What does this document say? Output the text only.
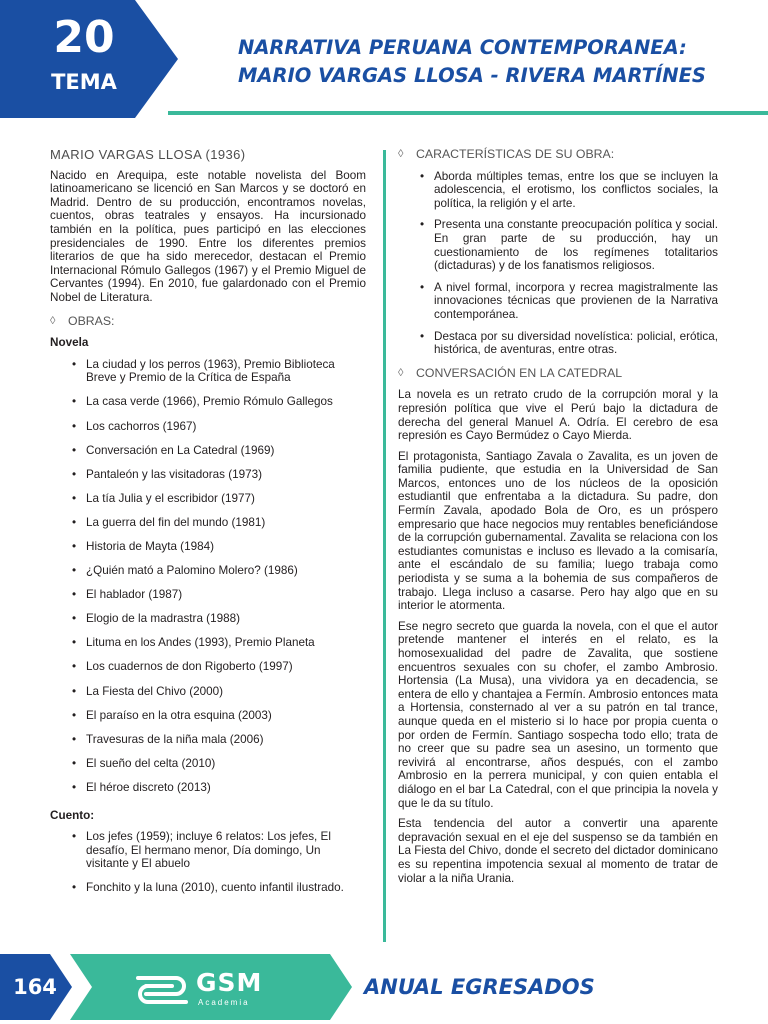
20
TEMA
NARRATIVA PERUANA CONTEMPORANEA:
MARIO VARGAS LLOSA - RIVERA MARTÍNES
MARIO VARGAS LLOSA (1936)

Nacido en Arequipa, este notable novelista del Boom latinoamericano se licenció en San Marcos y se doctoró en Madrid. Dentro de su producción, encontramos novelas, cuentos, obras teatrales y ensayos. Ha incursionado también en la política, pues participó en las elecciones presidenciales de 1990. Entre los diferentes premios literarios de que ha sido merecedor, destacan el Premio Internacional Rómulo Gallegos (1967) y el Premio Miguel de Cervantes (1994). En 2010, fue galardonado con el Premio Nobel de Literatura.

◊	OBRAS:
Novela
• La ciudad y los perros (1963), Premio Biblioteca Breve y Premio de la Crítica de España
• La casa verde (1966), Premio Rómulo Gallegos
• Los cachorros (1967)
• Conversación en La Catedral (1969)
• Pantaleón y las visitadoras (1973)
• La tía Julia y el escribidor (1977)
• La guerra del fin del mundo (1981)
• Historia de Mayta (1984)
• ¿Quién mató a Palomino Molero? (1986)
• El hablador (1987)
• Elogio de la madrastra (1988)
• Lituma en los Andes (1993), Premio Planeta
• Los cuadernos de don Rigoberto (1997)
• La Fiesta del Chivo (2000)
• El paraíso en la otra esquina (2003)
• Travesuras de la niña mala (2006)
• El sueño del celta (2010)
• El héroe discreto (2013)
Cuento:
• Los jefes (1959); incluye 6 relatos: Los jefes, El desafío, El hermano menor, Día domingo, Un visitante y El abuelo
• Fonchito y la luna (2010), cuento infantil ilustrado.
◊	CARACTERÍSTICAS DE SU OBRA:
• Aborda múltiples temas, entre los que se incluyen la adolescencia, el erotismo, los conflictos sociales, la política, la religión y el arte.
• Presenta una constante preocupación política y social. En gran parte de su producción, hay un cuestionamiento de los regímenes totalitarios (dictaduras) y de los fanatismos religiosos.
• A nivel formal, incorpora y recrea magistralmente las innovaciones técnicas que provienen de la Narrativa contemporánea.
• Destaca por su diversidad novelística: policial, erótica, histórica, de aventuras, entre otras.
◊	CONVERSACIÓN EN LA CATEDRAL

La novela es un retrato crudo de la corrupción moral y la represión política que vive el Perú bajo la dictadura de derecha del general Manuel A. Odría. El cerebro de esa represión es Cayo Bermúdez o Cayo Mierda.

El protagonista, Santiago Zavala o Zavalita, es un joven de familia pudiente, que estudia en la Universidad de San Marcos, entonces uno de los núcleos de la oposición estudiantil que enfrentaba a la dictadura. Su padre, don Fermín Zavala, apodado Bola de Oro, es un próspero empresario que hace negocios muy rentables beneficiándose de la corrupción gubernamental. Zavalita se relaciona con los estudiantes comunistas e incluso es llevado a la comisaría, ante el escándalo de su familia; luego trabaja como periodista y se suma a la bohemia de sus compañeros de trabajo. Llega incluso a casarse. Pero hay algo que en su interior le atormenta.

Ese negro secreto que guarda la novela, con el que el autor pretende mantener el interés en el relato, es la homosexualidad del padre de Zavalita, que sostiene encuentros sexuales con su chofer, el zambo Ambrosio. Hortensia (La Musa), una vividora ya en decadencia, se entera de ello y chantajea a Fermín. Ambrosio entonces mata a Hortensia, consternado al ver a su patrón en tal trance, aunque queda en el misterio si lo hace por propia cuenta o por orden de Fermín. Santiago sospecha todo ello; trata de no creer que su padre sea un asesino, un tormento que revivirá al encontrarse, años después, con el zambo Ambrosio en la perrera municipal, y con quien entabla el diálogo en el bar La Catedral, con el que principia la novela y que le da su título.

Esta tendencia del autor a convertir una aparente depravación sexual en el eje del suspenso se da también en La Fiesta del Chivo, donde el secreto del dictador dominicano es su repentina impotencia sexual al momento de tratar de violar a la niña Urania.

164	GSM
Academia
ANUAL EGRESADOS
